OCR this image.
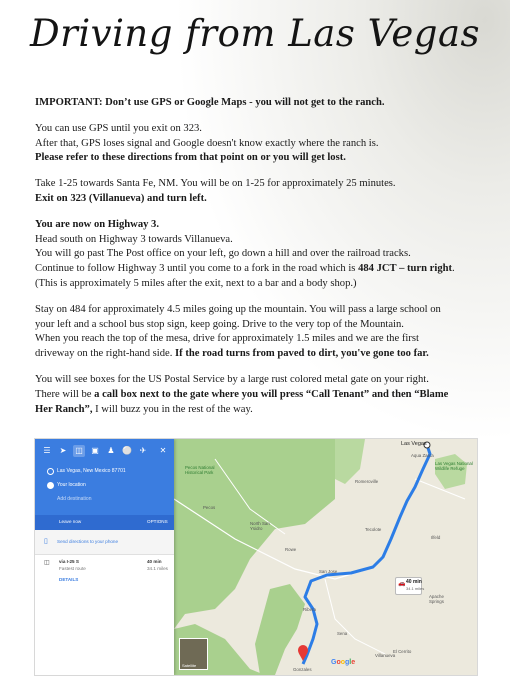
Driving from Las Vegas

IMPORTANT: Don’t use GPS or Google Maps - you will not get to the ranch.

You can use GPS until you exit on 323.
After that, GPS loses signal and Google doesn't know exactly where the ranch is.
Please refer to these directions from that point on or you will get lost.

Take 1-25 towards Santa Fe, NM. You will be on 1-25 for approximately 25 minutes.
Exit on 323 (Villanueva) and turn left.

You are now on Highway 3.
Head south on Highway 3 towards Villanueva.
You will go past The Post office on your left, go down a hill and over the railroad tracks.
Continue to follow Highway 3 until you come to a fork in the road which is 484 JCT – turn right.
(This is approximately 5 miles after the exit, next to a bar and a body shop.)

Stay on 484 for approximately 4.5 miles going up the mountain. You will pass a large school on
your left and a school bus stop sign, keep going. Drive to the very top of the Mountain.
When you reach the top of the mesa, drive for approximately 1.5 miles and we are the first
driveway on the right-hand side. If the road turns from paved to dirt, you've gone too far.

You will see boxes for the US Postal Service by a large rust colored metal gate on your right.
There will be a call box next to the gate where you will press “Call Tenant” and then “Blame
Her Ranch”, I will buzz you in the rest of the way.

Las Vegas
Pecos National Historical Park
Las Vegas National Wildlife Refuge
Pecos
North San Ysidro
Rowe
Tecolote
San Jose
Ribera
Sena
Villanueva
El Cerrito
Gonzales
Apache Springs
Romeroville
Ilfeld
Aqua Zarca
🚗 40 min
34.1 miles
Satellite	Google
☰	➤	◫ ▣	♟ ⚪ ✈	✕
Las Vegas, New Mexico 87701
Your location
Add destination
Leave now	OPTIONS
▯ Send directions to your phone
◫ via I-25 S
Fastest route
40 min
34.1 miles
DETAILS
